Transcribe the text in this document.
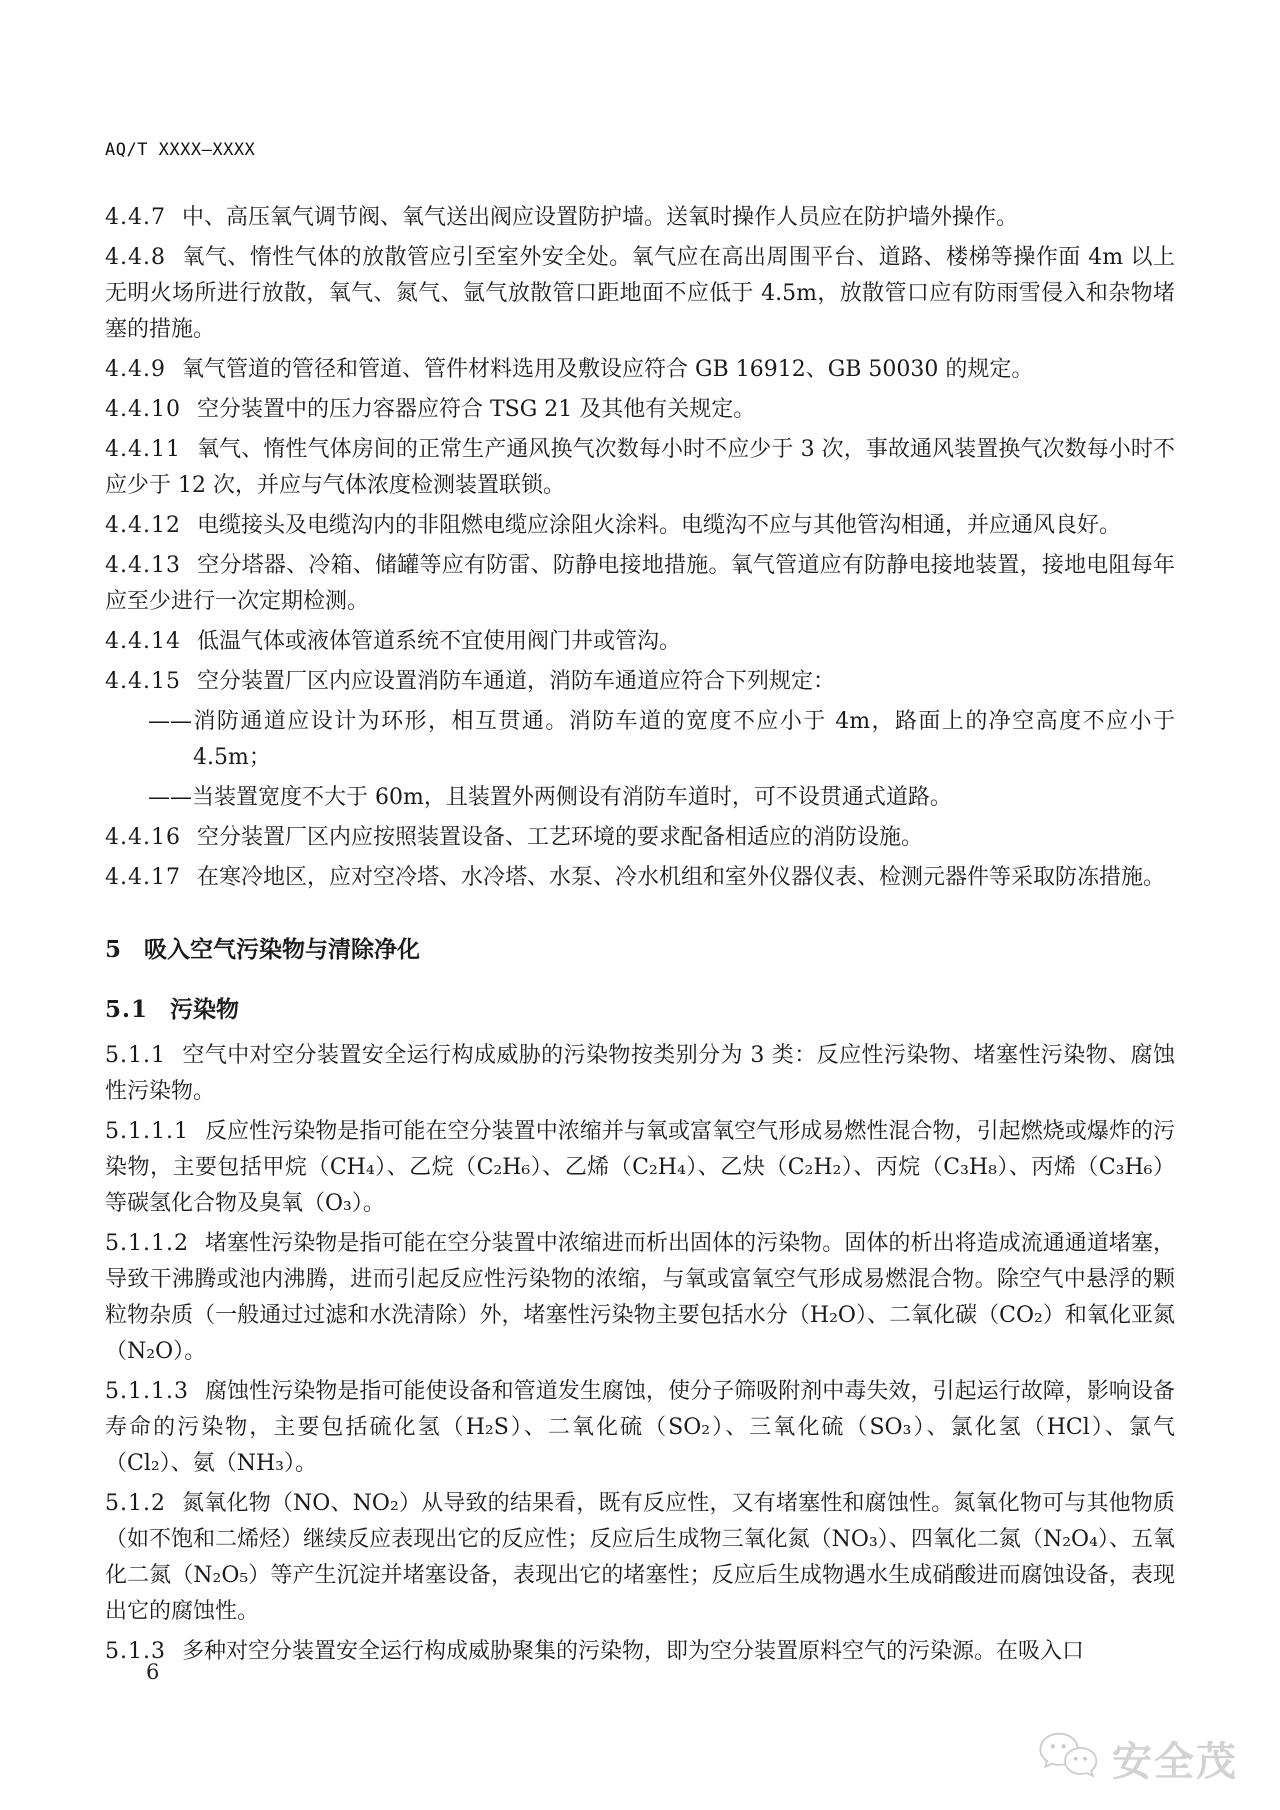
AQ/T XXXX—XXXX
4.4.7 中、高压氧气调节阀、氧气送出阀应设置防护墙。送氧时操作人员应在防护墙外操作。
4.4.8 氧气、惰性气体的放散管应引至室外安全处。氧气应在高出周围平台、道路、楼梯等操作面 4m 以上无明火场所进行放散，氧气、氮气、氩气放散管口距地面不应低于 4.5m，放散管口应有防雨雪侵入和杂物堵塞的措施。
4.4.9 氧气管道的管径和管道、管件材料选用及敷设应符合 GB 16912、GB 50030 的规定。
4.4.10 空分装置中的压力容器应符合 TSG 21 及其他有关规定。
4.4.11 氧气、惰性气体房间的正常生产通风换气次数每小时不应少于 3 次，事故通风装置换气次数每小时不应少于 12 次，并应与气体浓度检测装置联锁。
4.4.12 电缆接头及电缆沟内的非阻燃电缆应涂阻火涂料。电缆沟不应与其他管沟相通，并应通风良好。
4.4.13 空分塔器、冷箱、储罐等应有防雷、防静电接地措施。氧气管道应有防静电接地装置，接地电阻每年应至少进行一次定期检测。
4.4.14 低温气体或液体管道系统不宜使用阀门井或管沟。
4.4.15 空分装置厂区内应设置消防车通道，消防车通道应符合下列规定：
——消防通道应设计为环形，相互贯通。消防车道的宽度不应小于 4m，路面上的净空高度不应小于 4.5m；
——当装置宽度不大于 60m，且装置外两侧设有消防车道时，可不设贯通式道路。
4.4.16 空分装置厂区内应按照装置设备、工艺环境的要求配备相适应的消防设施。
4.4.17 在寒冷地区，应对空冷塔、水冷塔、水泵、冷水机组和室外仪器仪表、检测元器件等采取防冻措施。
5 吸入空气污染物与清除净化
5.1 污染物
5.1.1 空气中对空分装置安全运行构成威胁的污染物按类别分为 3 类：反应性污染物、堵塞性污染物、腐蚀性污染物。
5.1.1.1 反应性污染物是指可能在空分装置中浓缩并与氧或富氧空气形成易燃性混合物，引起燃烧或爆炸的污染物，主要包括甲烷（CH₄）、乙烷（C₂H₆）、乙烯（C₂H₄）、乙炔（C₂H₂）、丙烷（C₃H₈）、丙烯（C₃H₆）等碳氢化合物及臭氧（O₃）。
5.1.1.2 堵塞性污染物是指可能在空分装置中浓缩进而析出固体的污染物。固体的析出将造成流通通道堵塞，导致干沸腾或池内沸腾，进而引起反应性污染物的浓缩，与氧或富氧空气形成易燃混合物。除空气中悬浮的颗粒物杂质（一般通过过滤和水洗清除）外，堵塞性污染物主要包括水分（H₂O）、二氧化碳（CO₂）和氧化亚氮（N₂O）。
5.1.1.3 腐蚀性污染物是指可能使设备和管道发生腐蚀，使分子筛吸附剂中毒失效，引起运行故障，影响设备寿命的污染物，主要包括硫化氢（H₂S）、二氧化硫（SO₂）、三氧化硫（SO₃）、氯化氢（HCl）、氯气（Cl₂）、氨（NH₃）。
5.1.2 氮氧化物（NO、NO₂）从导致的结果看，既有反应性，又有堵塞性和腐蚀性。氮氧化物可与其他物质（如不饱和二烯烃）继续反应表现出它的反应性；反应后生成物三氧化氮（NO₃）、四氧化二氮（N₂O₄）、五氧化二氮（N₂O₅）等产生沉淀并堵塞设备，表现出它的堵塞性；反应后生成物遇水生成硝酸进而腐蚀设备，表现出它的腐蚀性。
5.1.3 多种对空分装置安全运行构成威胁聚集的污染物，即为空分装置原料空气的污染源。在吸入口
6
安全茂
